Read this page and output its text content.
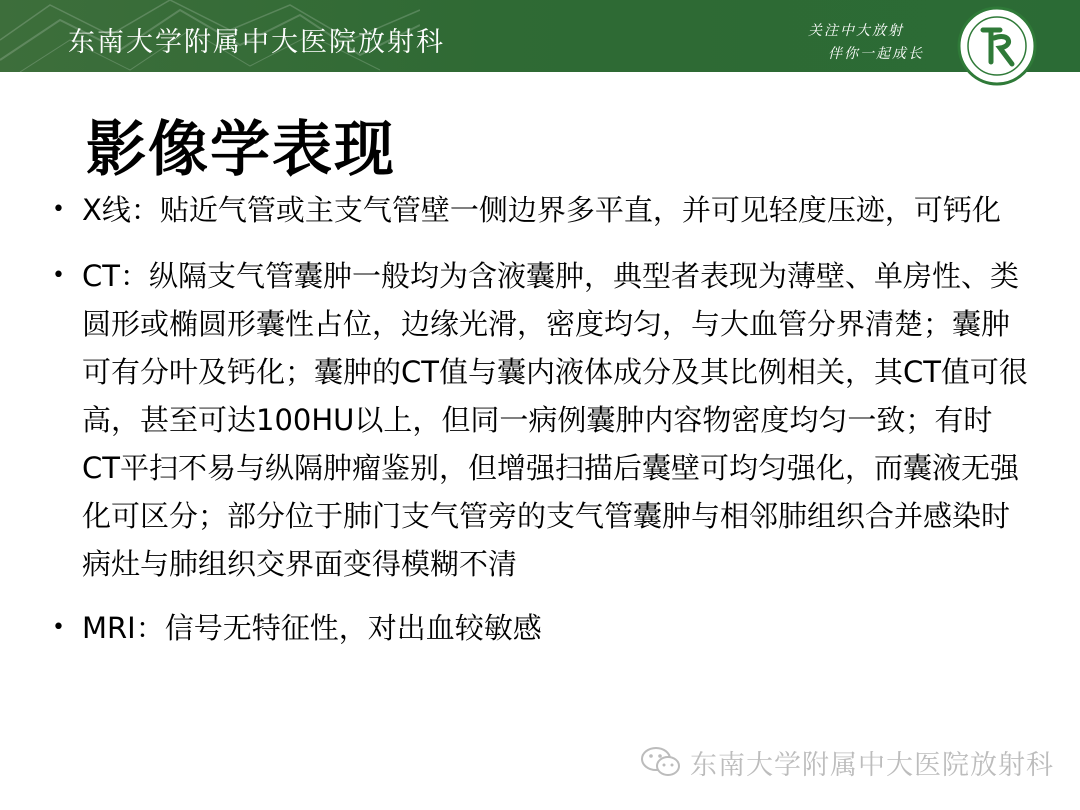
东南大学附属中大医院放射科	关注中大放射
伴你一起成长
影像学表现
• X线：贴近气管或主支气管壁一侧边界多平直，并可见轻度压迹，可钙化
• CT：纵隔支气管囊肿一般均为含液囊肿，典型者表现为薄壁、单房性、类圆形或椭圆形囊性占位，边缘光滑，密度均匀，与大血管分界清楚；囊肿可有分叶及钙化；囊肿的CT值与囊内液体成分及其比例相关，其CT值可很高，甚至可达100HU以上，但同一病例囊肿内容物密度均匀一致；有时CT平扫不易与纵隔肿瘤鉴别，但增强扫描后囊壁可均匀强化，而囊液无强化可区分；部分位于肺门支气管旁的支气管囊肿与相邻肺组织合并感染时病灶与肺组织交界面变得模糊不清
• MRI：信号无特征性，对出血较敏感
东南大学附属中大医院放射科
